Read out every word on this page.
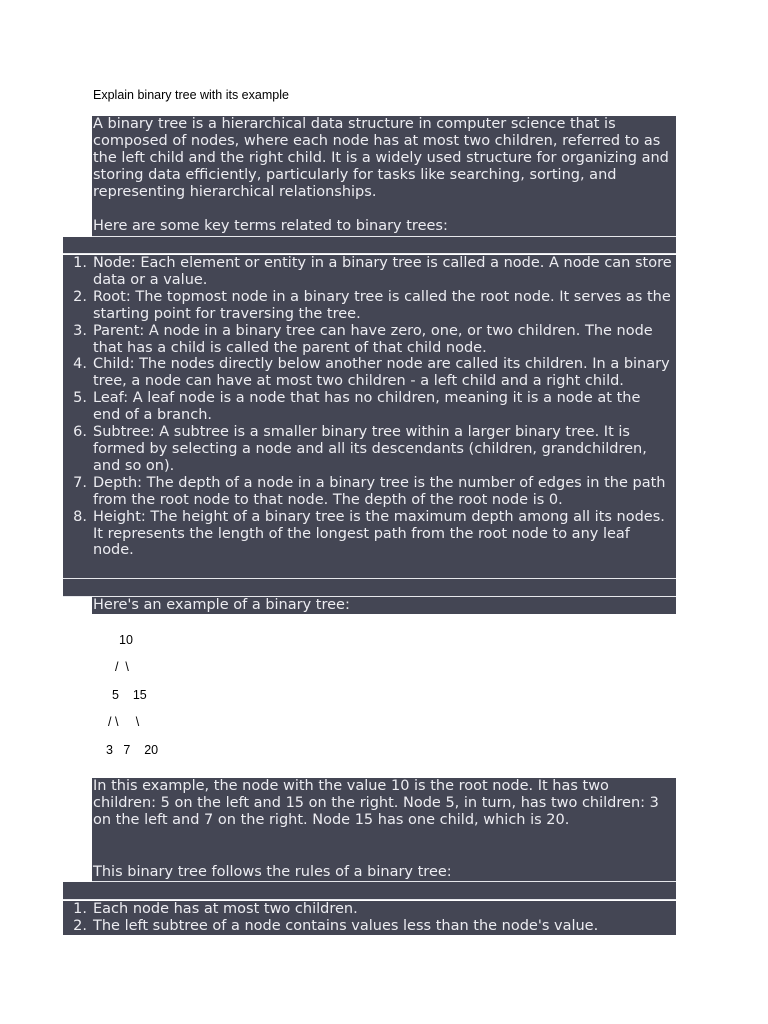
Explain binary tree with its example
A binary tree is a hierarchical data structure in computer science that is composed of nodes, where each node has at most two children, referred to as the left child and the right child. It is a widely used structure for organizing and storing data efficiently, particularly for tasks like searching, sorting, and representing hierarchical relationships.
Here are some key terms related to binary trees:
1. Node: Each element or entity in a binary tree is called a node. A node can store data or a value.
2. Root: The topmost node in a binary tree is called the root node. It serves as the starting point for traversing the tree.
3. Parent: A node in a binary tree can have zero, one, or two children. The node that has a child is called the parent of that child node.
4. Child: The nodes directly below another node are called its children. In a binary tree, a node can have at most two children - a left child and a right child.
5. Leaf: A leaf node is a node that has no children, meaning it is a node at the end of a branch.
6. Subtree: A subtree is a smaller binary tree within a larger binary tree. It is formed by selecting a node and all its descendants (children, grandchildren, and so on).
7. Depth: The depth of a node in a binary tree is the number of edges in the path from the root node to that node. The depth of the root node is 0.
8. Height: The height of a binary tree is the maximum depth among all its nodes. It represents the length of the longest path from the root node to any leaf node.
Here's an example of a binary tree:
10
/  \
5    15
/ \     \
3   7    20
In this example, the node with the value 10 is the root node. It has two children: 5 on the left and 15 on the right. Node 5, in turn, has two children: 3 on the left and 7 on the right. Node 15 has one child, which is 20.
This binary tree follows the rules of a binary tree:
1. Each node has at most two children.
2. The left subtree of a node contains values less than the node's value.
